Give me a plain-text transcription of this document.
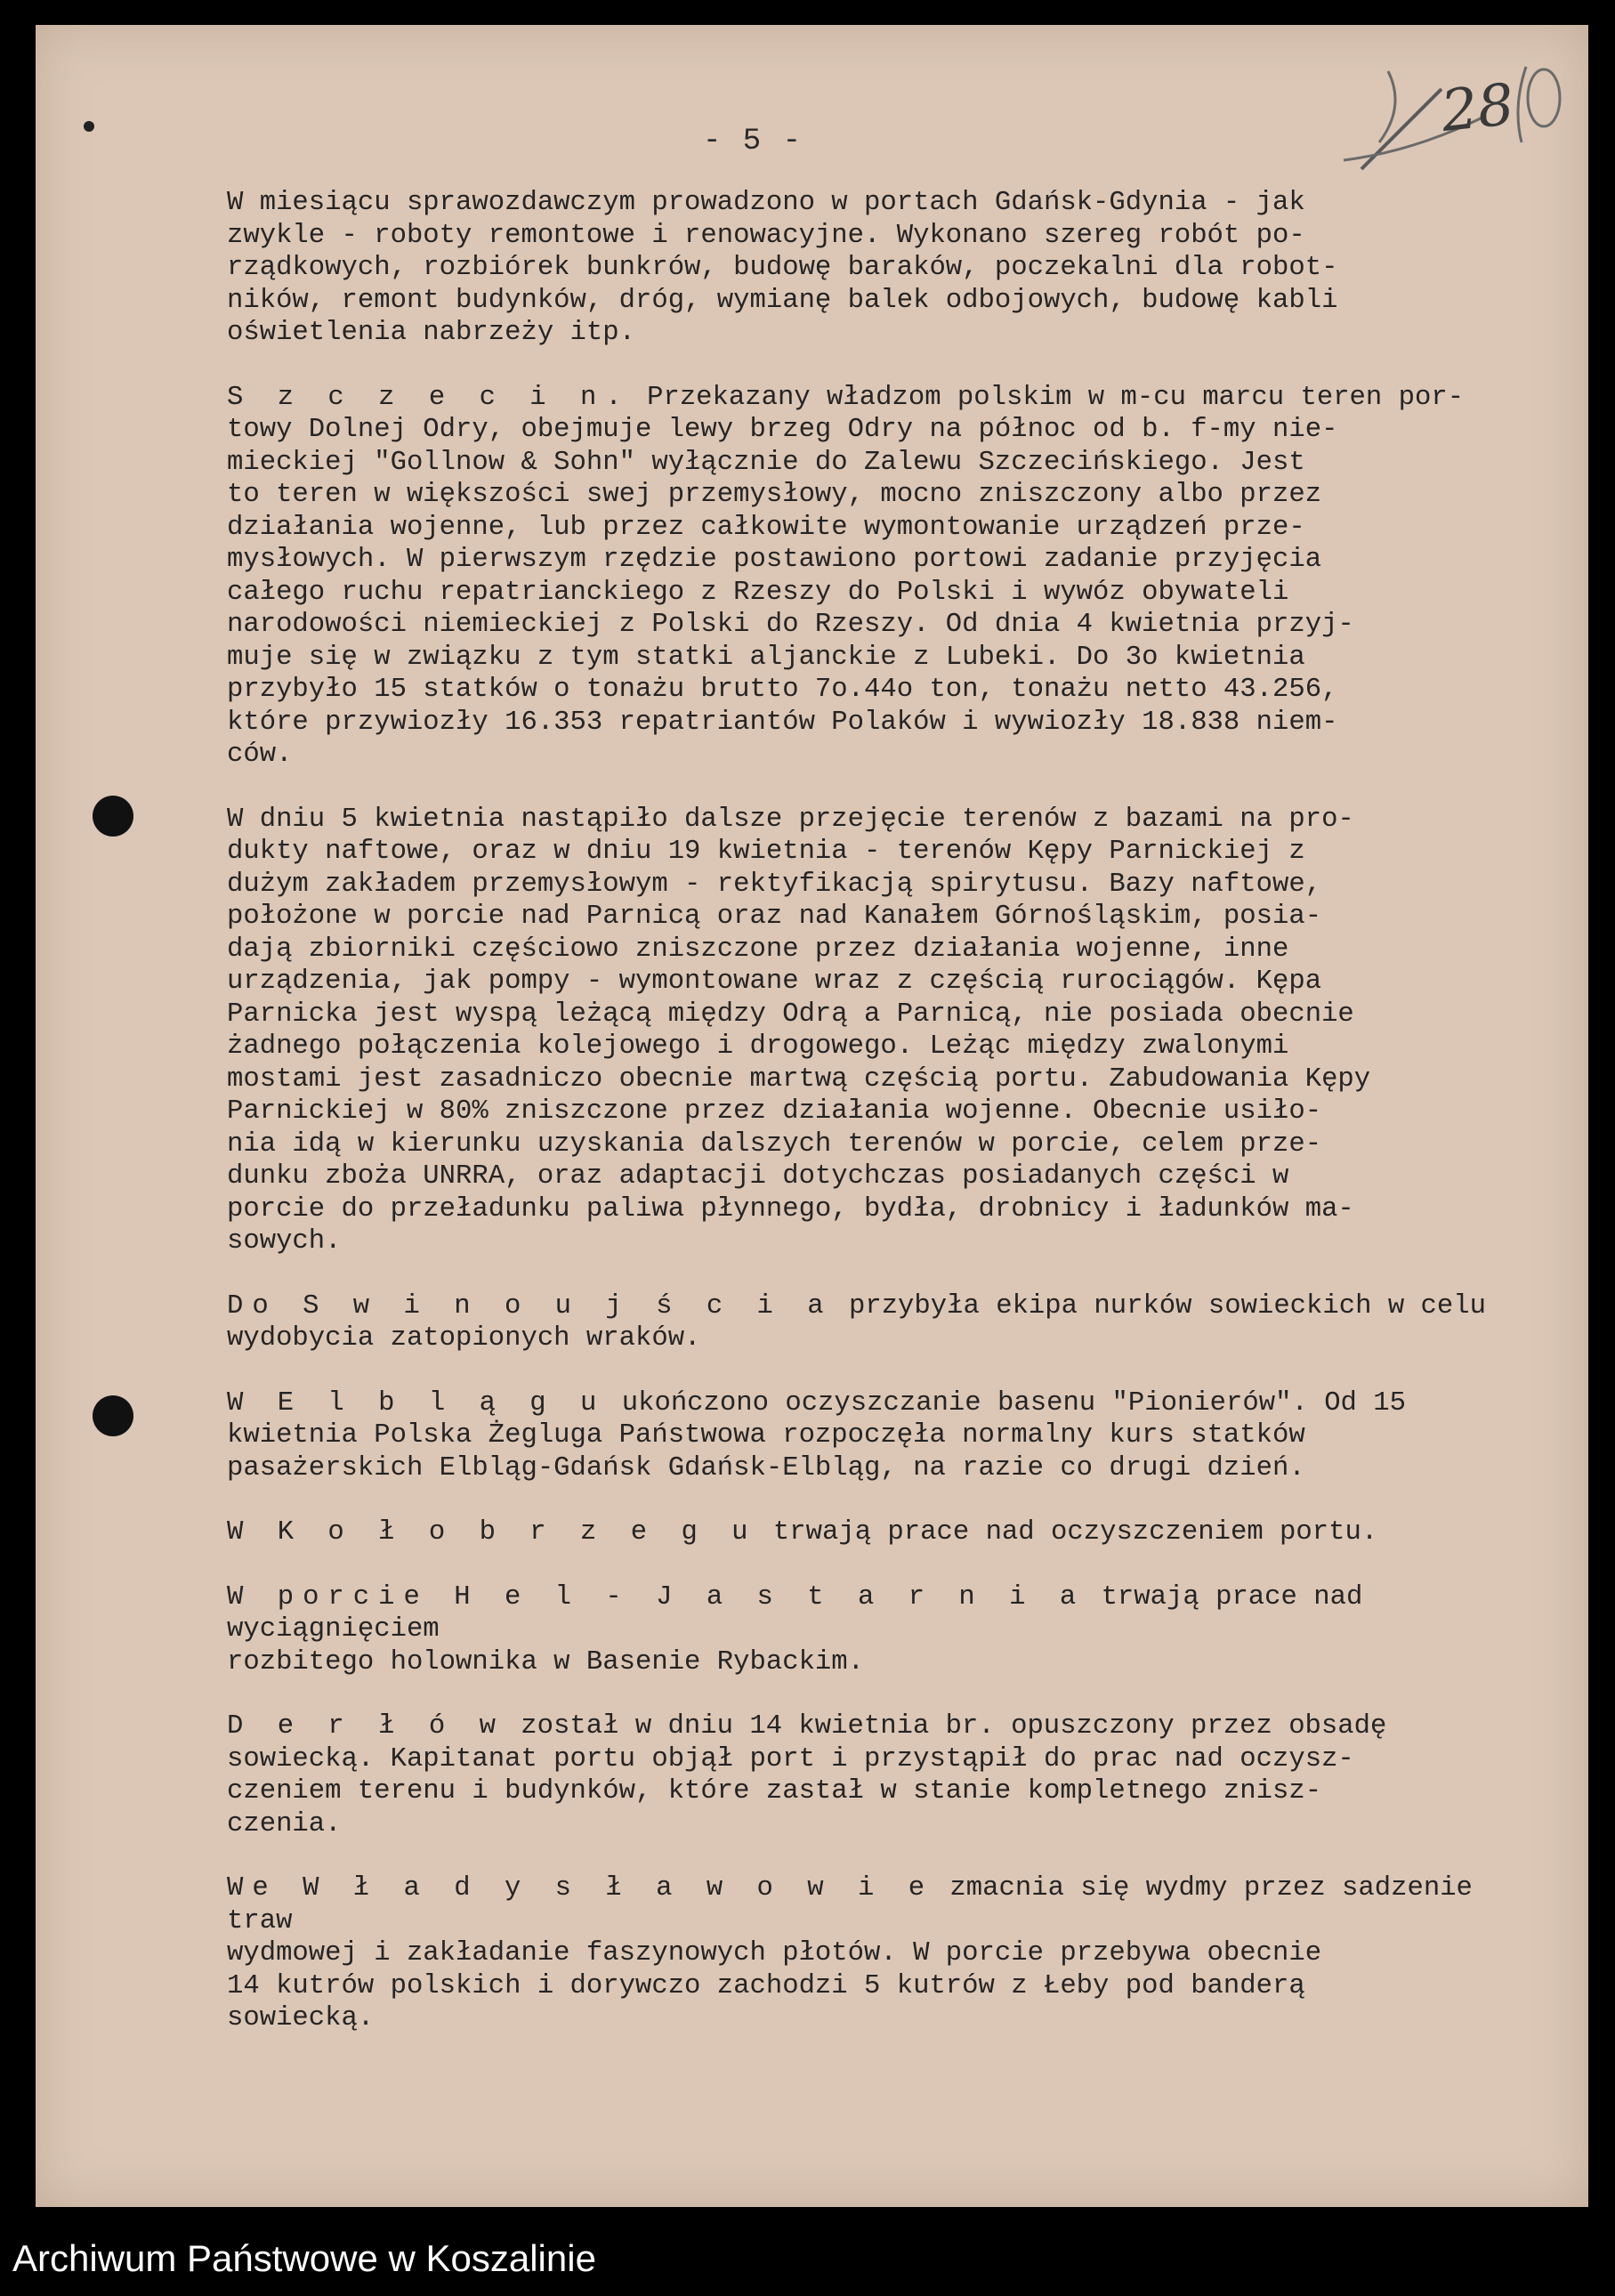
- 5 -	28
W miesiącu sprawozdawczym prowadzono w portach Gdańsk-Gdynia - jak
zwykle - roboty remontowe i renowacyjne. Wykonano szereg robót po-
rządkowych, rozbiórek bunkrów, budowę baraków, poczekalni dla robot-
ników, remont budynków, dróg, wymianę balek odbojowych, budowę kabli
oświetlenia nabrzeży itp.
S z c z e c i n. Przekazany władzom polskim w m-cu marcu teren por-
towy Dolnej Odry, obejmuje lewy brzeg Odry na północ od b. f-my nie-
mieckiej "Gollnow & Sohn" wyłącznie do Zalewu Szczecińskiego. Jest
to teren w większości swej przemysłowy, mocno zniszczony albo przez
działania wojenne, lub przez całkowite wymontowanie urządzeń prze-
mysłowych. W pierwszym rzędzie postawiono portowi zadanie przyjęcia
całego ruchu repatrianckiego z Rzeszy do Polski i wywóz obywateli
narodowości niemieckiej z Polski do Rzeszy. Od dnia 4 kwietnia przyj-
muje się w związku z tym statki aljanckie z Lubeki. Do 3o kwietnia
przybyło 15 statków o tonażu brutto 7o.44o ton, tonażu netto 43.256,
które przywiozły 16.353 repatriantów Polaków i wywiozły 18.838 niem-
ców.
W dniu 5 kwietnia nastąpiło dalsze przejęcie terenów z bazami na pro-
dukty naftowe, oraz w dniu 19 kwietnia - terenów Kępy Parnickiej z
dużym zakładem przemysłowym - rektyfikacją spirytusu. Bazy naftowe,
położone w porcie nad Parnicą oraz nad Kanałem Górnośląskim, posia-
dają zbiorniki częściowo zniszczone przez działania wojenne, inne
urządzenia, jak pompy - wymontowane wraz z częścią rurociągów. Kępa
Parnicka jest wyspą leżącą między Odrą a Parnicą, nie posiada obecnie
żadnego połączenia kolejowego i drogowego. Leżąc między zwalonymi
mostami jest zasadniczo obecnie martwą częścią portu. Zabudowania Kępy
Parnickiej w 80% zniszczone przez działania wojenne. Obecnie usiło-
nia idą w kierunku uzyskania dalszych terenów w porcie, celem prze-
dunku zboża UNRRA, oraz adaptacji dotychczas posiadanych części w
porcie do przeładunku paliwa płynnego, bydła, drobnicy i ładunków ma-
sowych.
Do S w i n o u j ś c i a przybyła ekipa nurków sowieckich w celu
wydobycia zatopionych wraków.
W E l b l ą g u ukończono oczyszczanie basenu "Pionierów". Od 15
kwietnia Polska Żegluga Państwowa rozpoczęła normalny kurs statków
pasażerskich Elbląg-Gdańsk Gdańsk-Elbląg, na razie co drugi dzień.
W K o ł o b r z e g u trwają prace nad oczyszczeniem portu.
W porcie H e l - J a s t a r n i a trwają prace nad wyciągnięciem
rozbitego holownika w Basenie Rybackim.
D e r ł ó w został w dniu 14 kwietnia br. opuszczony przez obsadę
sowiecką. Kapitanat portu objął port i przystąpił do prac nad oczysz-
czeniem terenu i budynków, które zastał w stanie kompletnego znisz-
czenia.
We W ł a d y s ł a w o w i e zmacnia się wydmy przez sadzenie traw
wydmowej i zakładanie faszynowych płotów. W porcie przebywa obecnie
14 kutrów polskich i dorywczo zachodzi 5 kutrów z Łeby pod banderą
sowiecką.
Archiwum Państwowe w Koszalinie
